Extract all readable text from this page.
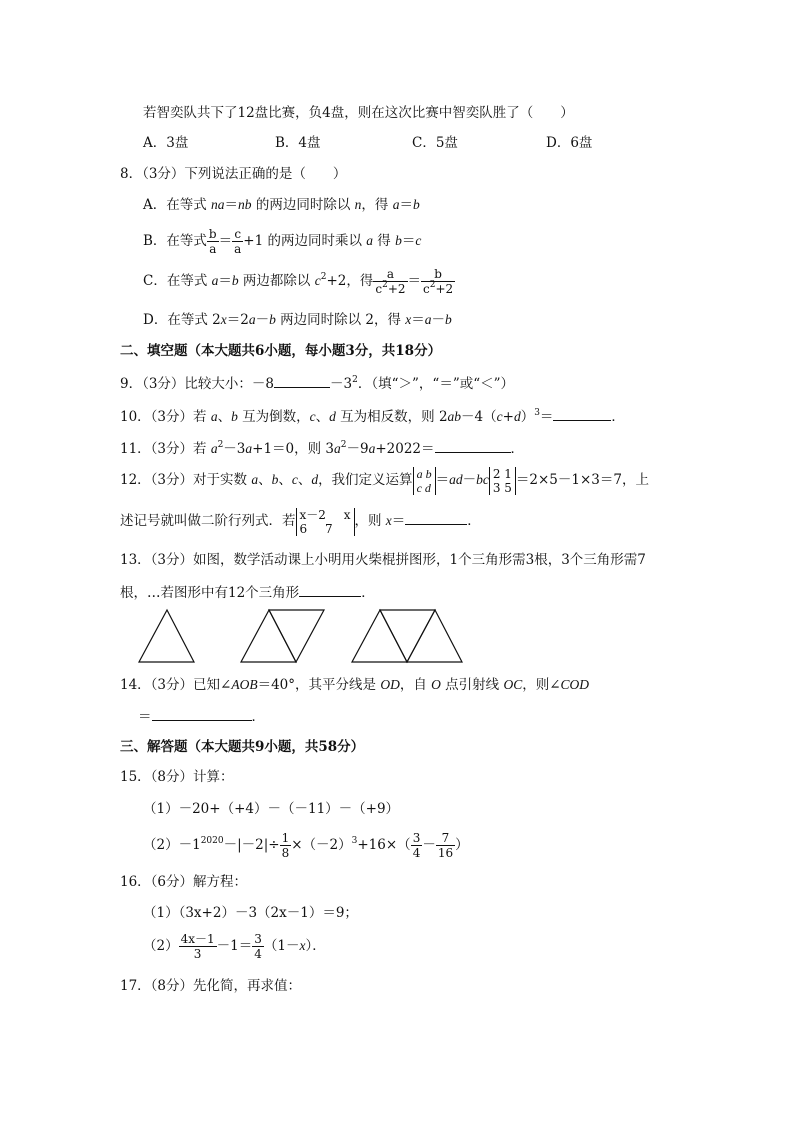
若智奕队共下了12盘比赛，负4盘，则在这次比赛中智奕队胜了（　　）
A．3盘	B．4盘	C．5盘	D．6盘
8．（3分）下列说法正确的是（　　）
A．在等式 na＝nb 的两边同时除以 n，得 a＝b
B．在等式 $\frac{b}{a} = \frac{c}{a} +1$ 的两边同时乘以 a 得 b＝c
C．在等式 a＝b 两边都除以 $c^2+2$，得 $\frac{a}{c^2+2} = \frac{b}{c^2+2}$
D．在等式 2x＝2a－b 两边同时除以 2，得 x＝a－b
二、填空题（本大题共6小题，每小题3分，共18分）
9．（3分）比较大小：－8	$-3^2$．（填“＞”，“＝”或“＜”）
10．（3分）若 a、b 互为倒数，c、d 互为相反数，则 $2ab-4(c+d)^3=$	．
11．（3分）若 $a^2-3a+1=0$，则 $3a^2-9a+2022=$	．
12．（3分）对于实数 a、b、c、d，我们定义运算 a b
c d ＝ad－bc 2 1
3 5 ＝2×5－1×3＝7，上
述记号就叫做二阶行列式．若 x－2 x
6 7	，则 x＝	．
13．（3分）如图，数学活动课上小明用火柴棍拼图形，1个三角形需3根，3个三角形需7
根，…若图形中有12个三角形	．
14．（3分）已知∠AOB＝40°，其平分线是 OD，自 O 点引射线 OC，则∠COD
＝	．
三、解答题（本大题共9小题，共58分）
15．（8分）计算：
（1）－20+（+4）－（－11）－（+9）
$(2)-1^{2020}-|-2|\div \frac{1}{8} \times(-2)^3+16\times( \frac{3}{4} - \frac{7}{16}$ ）
16．（6分）解方程：
（1）（3x+2）－3（2x－1）＝9；
$(2) \frac{4x-1}{3} -1= \frac{3}{4} (1-x)$．
17．（8分）先化简，再求值：
